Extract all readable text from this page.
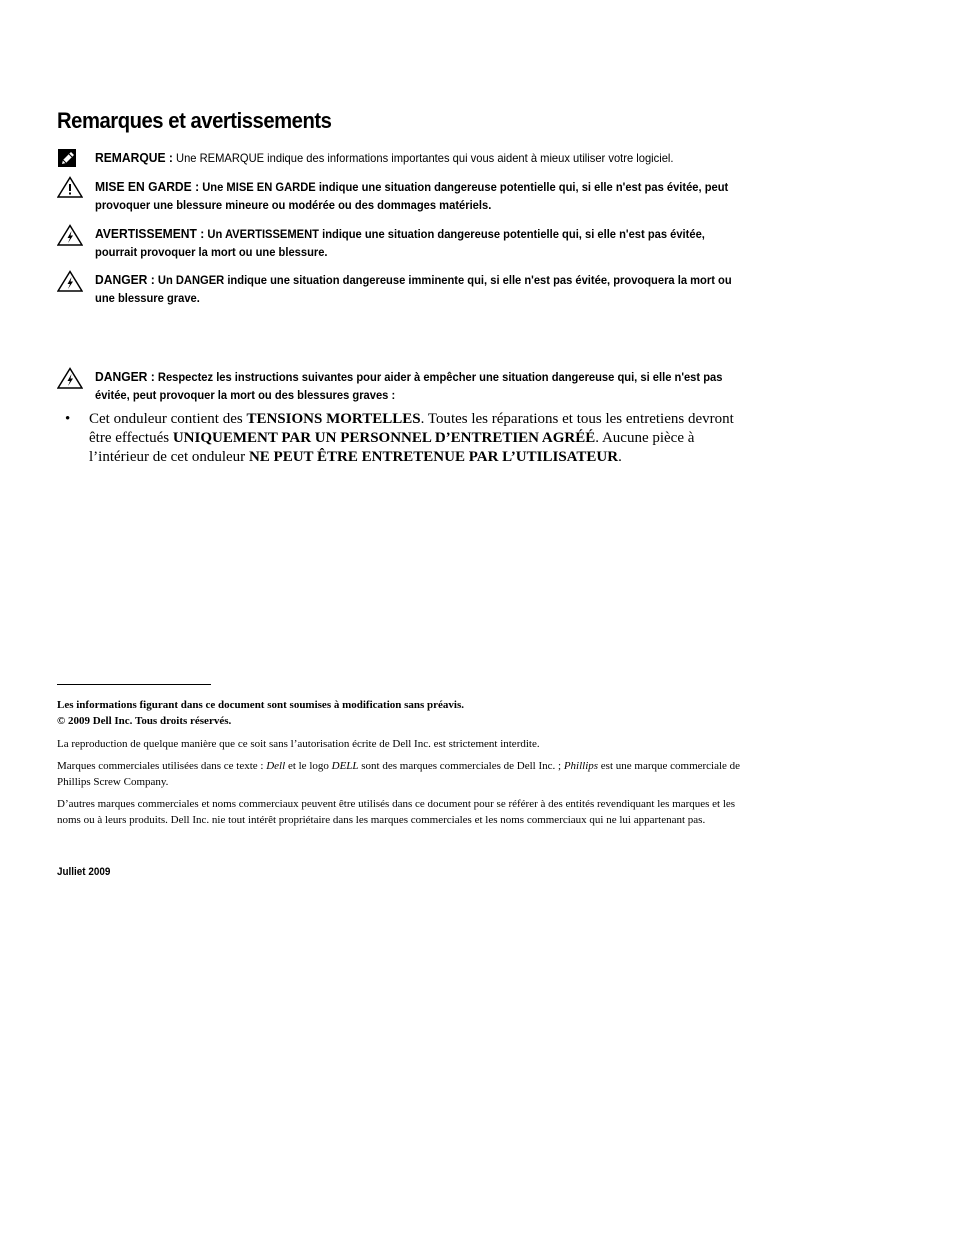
Remarques et avertissements
REMARQUE : Une REMARQUE indique des informations importantes qui vous aident à mieux utiliser votre logiciel.
MISE EN GARDE : Une MISE EN GARDE indique une situation dangereuse potentielle qui, si elle n'est pas évitée, peut provoquer une blessure mineure ou modérée ou des dommages matériels.
AVERTISSEMENT : Un AVERTISSEMENT indique une situation dangereuse potentielle qui, si elle n'est pas évitée, pourrait provoquer la mort ou une blessure.
DANGER : Un DANGER indique une situation dangereuse imminente qui, si elle n'est pas évitée, provoquera la mort ou une blessure grave.
DANGER : Respectez les instructions suivantes pour aider à empêcher une situation dangereuse qui, si elle n'est pas évitée, peut provoquer la mort ou des blessures graves :
• Cet onduleur contient des TENSIONS MORTELLES. Toutes les réparations et tous les entretiens devront être effectués UNIQUEMENT PAR UN PERSONNEL D’ENTRETIEN AGRÉÉ. Aucune pièce à l’intérieur de cet onduleur NE PEUT ÊTRE ENTRETENUE PAR L’UTILISATEUR.
Les informations figurant dans ce document sont soumises à modification sans préavis.
© 2009 Dell Inc. Tous droits réservés.
La reproduction de quelque manière que ce soit sans l’autorisation écrite de Dell Inc. est strictement interdite.
Marques commerciales utilisées dans ce texte : Dell et le logo DELL sont des marques commerciales de Dell Inc. ; Phillips est une marque commerciale de Phillips Screw Company.
D’autres marques commerciales et noms commerciaux peuvent être utilisés dans ce document pour se référer à des entités revendiquant les marques et les noms ou à leurs produits. Dell Inc. nie tout intérêt propriétaire dans les marques commerciales et les noms commerciaux qui ne lui appartenant pas.
Julliet 2009
